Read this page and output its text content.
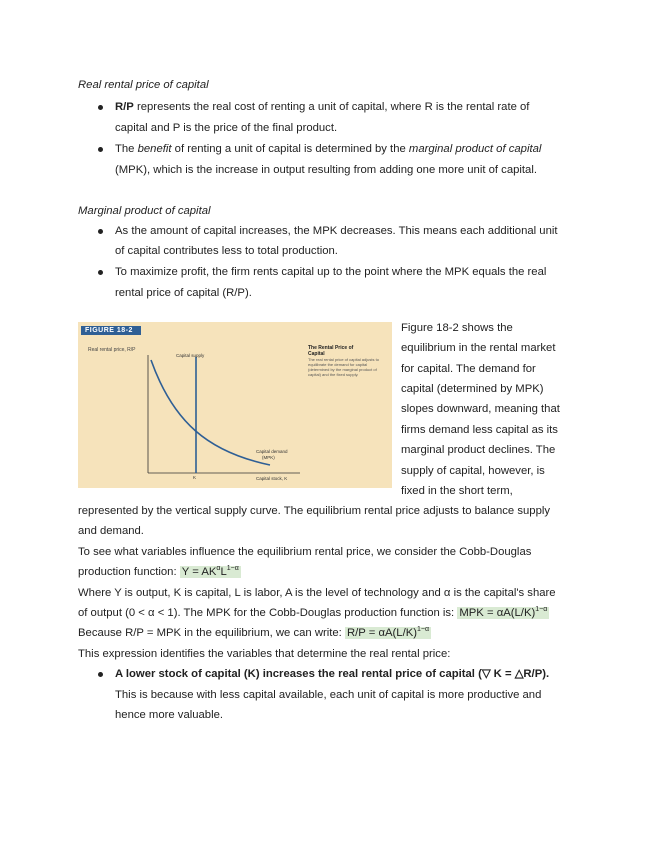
Real rental price of capital
R/P represents the real cost of renting a unit of capital, where R is the rental rate of
capital and P is the price of the final product.
The benefit of renting a unit of capital is determined by the marginal product of capital
(MPK), which is the increase in output resulting from adding one more unit of capital.
Marginal product of capital
As the amount of capital increases, the MPK decreases. This means each additional unit
of capital contributes less to total production.
To maximize profit, the firm rents capital up to the point where the MPK equals the real
rental price of capital (R/P).
FIGURE 18-2
Real rental price, R/P
Capital supply
Capital demand
(MPK)
K	Capital stock, K
The Rental Price of
Capital
The real rental price of capital adjusts to equilibrate the demand for capital (determined by the marginal product of capital) and the fixed supply.
Figure 18-2 shows the
equilibrium in the rental market
for capital. The demand for
capital (determined by MPK)
slopes downward, meaning that
firms demand less capital as its
marginal product declines. The
supply of capital, however, is
fixed in the short term,
represented by the vertical supply curve. The equilibrium rental price adjusts to balance supply
and demand.
To see what variables influence the equilibrium rental price, we consider the Cobb-Douglas
production function: $Y = AK^\alpha L^{1-\alpha}$
Where Y is output, K is capital, L is labor, A is the level of technology and α is the capital's share
of output (0 < α < 1). The MPK for the Cobb-Douglas production function is: MPK = $\alpha A(L/K)^{1-\alpha}$
Because R/P = MPK in the equilibrium, we can write: $R/P = \alpha A(L/K)^{1-\alpha}$
This expression identifies the variables that determine the real rental price:
A lower stock of capital (K) increases the real rental price of capital (▽ K = △R/P).
This is because with less capital available, each unit of capital is more productive and
hence more valuable.
